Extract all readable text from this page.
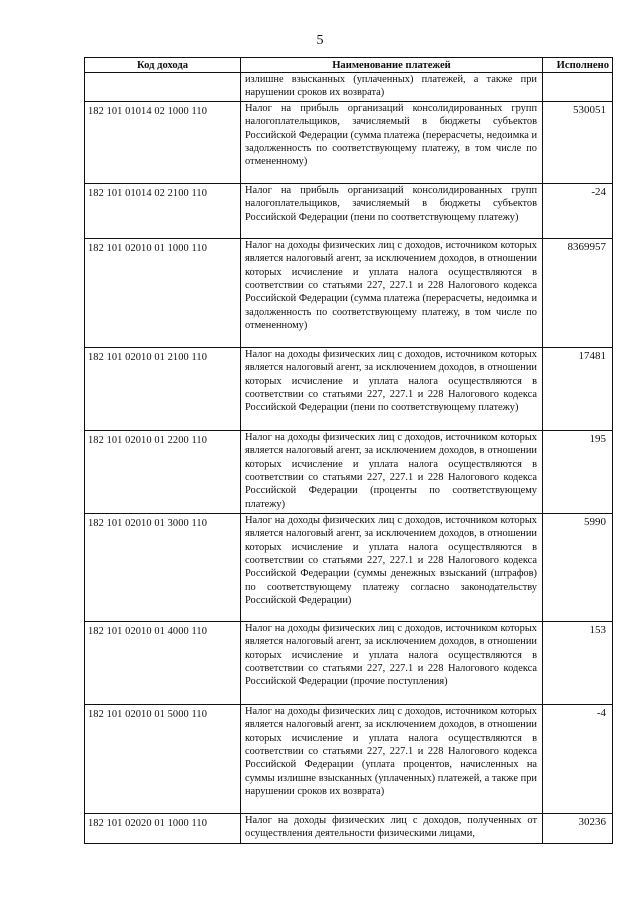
5
Код дохода	Наименование платежей	Исполнено
	излишне взысканных (уплаченных) платежей, а также при нарушении сроков их возврата)	
182 101 01014 02 1000 110	Налог на прибыль организаций консолидированных групп налогоплательщиков, зачисляемый в бюджеты субъектов Российской Федерации (сумма платежа (перерасчеты, недоимка и задолженность по соответствующему платежу, в том числе по отмененному)	530051
182 101 01014 02 2100 110	Налог на прибыль организаций консолидированных групп налогоплательщиков, зачисляемый в бюджеты субъектов Российской Федерации (пени по соответствующему платежу)	-24
182 101 02010 01 1000 110	Налог на доходы физических лиц с доходов, источником которых является налоговый агент, за исключением доходов, в отношении которых исчисление и уплата налога осуществляются в соответствии со статьями 227, 227.1 и 228 Налогового кодекса Российской Федерации (сумма платежа (перерасчеты, недоимка и задолженность по соответствующему платежу, в том числе по отмененному)	8369957
182 101 02010 01 2100 110	Налог на доходы физических лиц с доходов, источником которых является налоговый агент, за исключением доходов, в отношении которых исчисление и уплата налога осуществляются в соответствии со статьями 227, 227.1 и 228 Налогового кодекса Российской Федерации (пени по соответствующему платежу)	17481
182 101 02010 01 2200 110	Налог на доходы физических лиц с доходов, источником которых является налоговый агент, за исключением доходов, в отношении которых исчисление и уплата налога осуществляются в соответствии со статьями 227, 227.1 и 228 Налогового кодекса Российской Федерации (проценты по соответствующему платежу)	195
182 101 02010 01 3000 110	Налог на доходы физических лиц с доходов, источником которых является налоговый агент, за исключением доходов, в отношении которых исчисление и уплата налога осуществляются в соответствии со статьями 227, 227.1 и 228 Налогового кодекса Российской Федерации (суммы денежных взысканий (штрафов) по соответствующему платежу согласно законодательству Российской Федерации)	5990
182 101 02010 01 4000 110	Налог на доходы физических лиц с доходов, источником которых является налоговый агент, за исключением доходов, в отношении которых исчисление и уплата налога осуществляются в соответствии со статьями 227, 227.1 и 228 Налогового кодекса Российской Федерации (прочие поступления)	153
182 101 02010 01 5000 110	Налог на доходы физических лиц с доходов, источником которых является налоговый агент, за исключением доходов, в отношении которых исчисление и уплата налога осуществляются в соответствии со статьями 227, 227.1 и 228 Налогового кодекса Российской Федерации (уплата процентов, начисленных на суммы излишне взысканных (уплаченных) платежей, а также при нарушении сроков их возврата)	-4
182 101 02020 01 1000 110	Налог на доходы физических лиц с доходов, полученных от осуществления деятельности физическими лицами,	30236
